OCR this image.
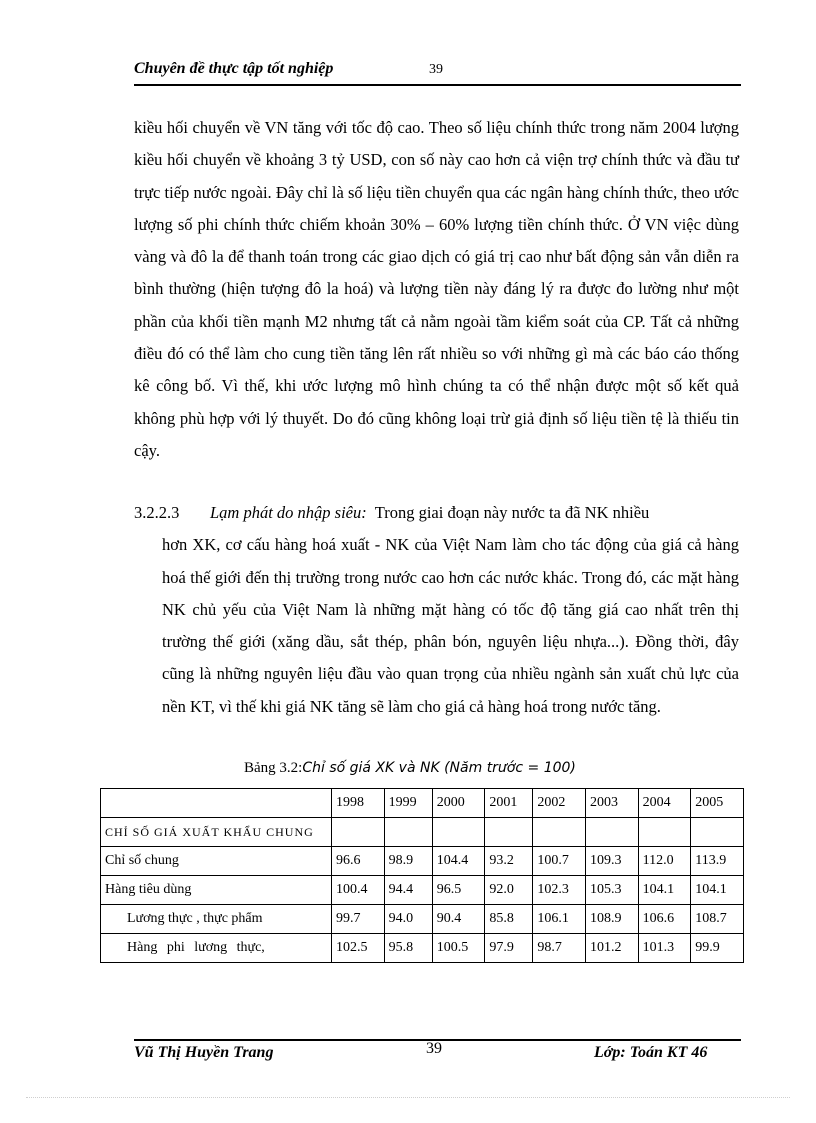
Chuyên đề thực tập tốt nghiệp	39
kiều hối chuyển về VN tăng với tốc độ cao. Theo số liệu chính thức trong năm 2004 lượng kiều hối chuyển về khoảng 3 tỷ USD, con số này cao hơn cả viện trợ chính thức và đầu tư trực tiếp nước ngoài. Đây chỉ là số liệu tiền chuyển qua các ngân hàng chính thức, theo ước lượng số phi chính thức chiếm khoản 30% – 60% lượng tiền chính thức. Ở VN việc dùng vàng và đô la để thanh toán trong các giao dịch có giá trị cao như bất động sản vẫn diễn ra bình thường (hiện tượng đô la hoá) và lượng tiền này đáng lý ra được đo lường như một phần của khối tiền mạnh M2 nhưng tất cả nằm ngoài tầm kiểm soát của CP. Tất cả những điều đó có thể làm cho cung tiền tăng lên rất nhiều so với những gì mà các báo cáo thống kê công bố. Vì thế, khi ước lượng mô hình chúng ta có thể nhận được một số kết quả không phù hợp với lý thuyết. Do đó cũng không loại trừ giả định số liệu tiền tệ là thiếu tin cậy.
3.2.2.3 Lạm phát do nhập siêu: Trong giai đoạn này nước ta đã NK nhiều
hơn XK, cơ cấu hàng hoá xuất - NK của Việt Nam làm cho tác động của giá cả hàng hoá thế giới đến thị trường trong nước cao hơn các nước khác. Trong đó, các mặt hàng NK chủ yếu của Việt Nam là những mặt hàng có tốc độ tăng giá cao nhất trên thị trường thế giới (xăng dầu, sắt thép, phân bón, nguyên liệu nhựa...). Đồng thời, đây cũng là những nguyên liệu đầu vào quan trọng của nhiều ngành sản xuất chủ lực của nền KT, vì thế khi giá NK tăng sẽ làm cho giá cả hàng hoá trong nước tăng.
Bảng 3.2:Chỉ số giá XK và NK (Năm trước = 100)
	1998	1999	2000	2001	2002	2003	2004	2005
CHỈ SỐ GIÁ XUẤT KHẨU CHUNG								
Chỉ số chung	96.6	98.9	104.4	93.2	100.7	109.3	112.0	113.9
Hàng tiêu dùng	100.4	94.4	96.5	92.0	102.3	105.3	104.1	104.1
Lương thực , thực phẩm	99.7	94.0	90.4	85.8	106.1	108.9	106.6	108.7
Hàng phi lương thực,	102.5	95.8	100.5	97.9	98.7	101.2	101.3	99.9
Vũ Thị Huyền Trang	39	Lớp: Toán KT 46
